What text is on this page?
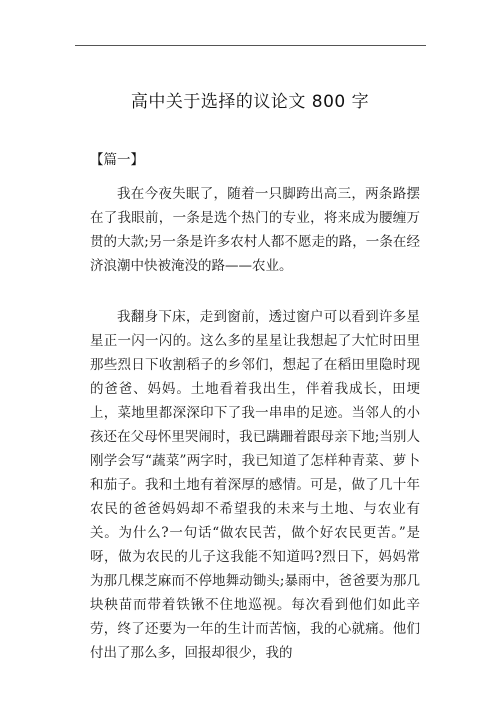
高中关于选择的议论文 800 字
【篇一】

我在今夜失眠了，随着一只脚跨出高三，两条路摆在了我眼前，一条是选个热门的专业，将来成为腰缠万贯的大款;另一条是许多农村人都不愿走的路，一条在经济浪潮中快被淹没的路——农业。

我翻身下床，走到窗前，透过窗户可以看到许多星星正一闪一闪的。这么多的星星让我想起了大忙时田里那些烈日下收割稻子的乡邻们，想起了在稻田里隐时现的爸爸、妈妈。土地看着我出生，伴着我成长，田埂上，菜地里都深深印下了我一串串的足迹。当邻人的小孩还在父母怀里哭闹时，我已蹒跚着跟母亲下地;当别人刚学会写“蔬菜”两字时，我已知道了怎样种青菜、萝卜和茄子。我和土地有着深厚的感情。可是，做了几十年农民的爸爸妈妈却不希望我的未来与土地、与农业有关。为什么?一句话“做农民苦，做个好农民更苦。”是呀，做为农民的儿子这我能不知道吗?烈日下，妈妈常为那几棵芝麻而不停地舞动锄头;暴雨中，爸爸要为那几块秧苗而带着铁锹不住地巡视。每次看到他们如此辛劳，终了还要为一年的生计而苦恼，我的心就痛。他们付出了那么多，回报却很少，我的
